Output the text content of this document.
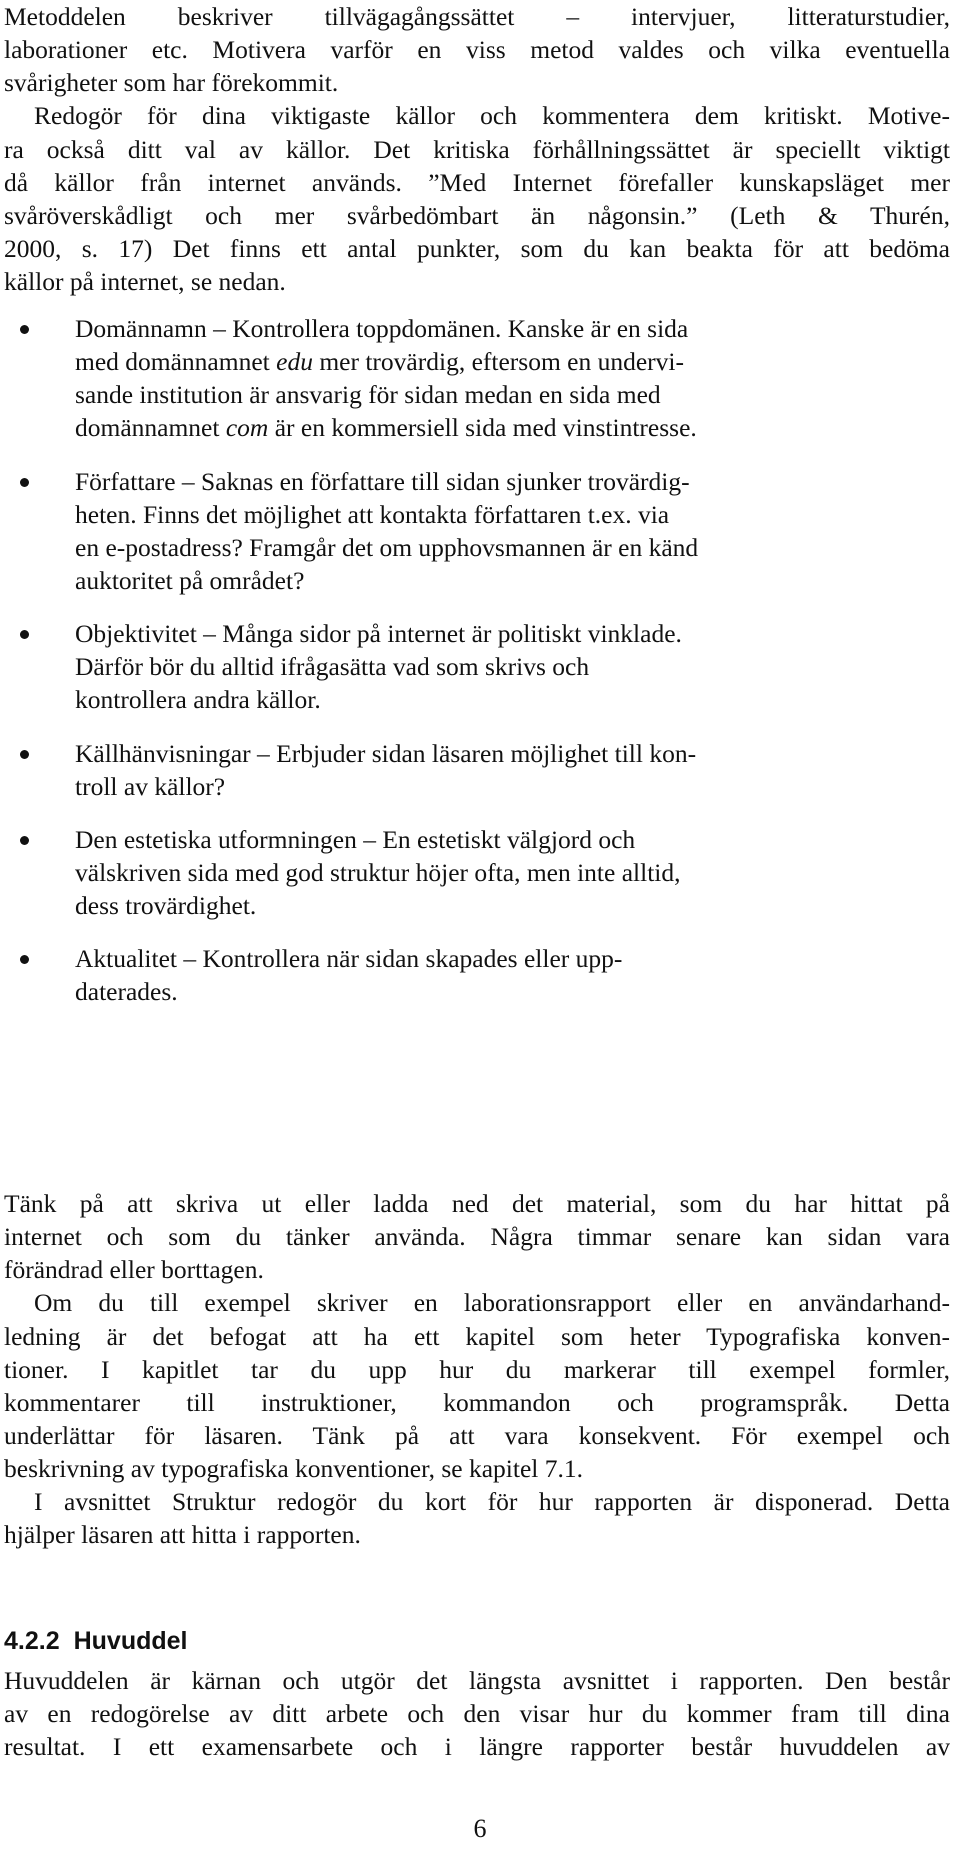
Metoddelen beskriver tillvägagångssättet – intervjuer, litteraturstudier,
laborationer etc. Motivera varför en viss metod valdes och vilka eventuella
svårigheter som har förekommit.
Redogör för dina viktigaste källor och kommentera dem kritiskt. Motive-
ra också ditt val av källor. Det kritiska förhållningssättet är speciellt viktigt
då källor från internet används. ”Med Internet förefaller kunskapsläget mer
svåröverskådligt och mer svårbedömbart än någonsin.” (Leth & Thurén,
2000, s. 17) Det finns ett antal punkter, som du kan beakta för att bedöma
källor på internet, se nedan.
Domännamn – Kontrollera toppdomänen. Kanske är en sida
med domännamnet edu mer trovärdig, eftersom en undervi-
sande institution är ansvarig för sidan medan en sida med
domännamnet com är en kommersiell sida med vinstintresse.
Författare – Saknas en författare till sidan sjunker trovärdig-
heten. Finns det möjlighet att kontakta författaren t.ex. via
en e-postadress? Framgår det om upphovsmannen är en känd
auktoritet på området?
Objektivitet – Många sidor på internet är politiskt vinklade.
Därför bör du alltid ifrågasätta vad som skrivs och
kontrollera andra källor.
Källhänvisningar – Erbjuder sidan läsaren möjlighet till kon-
troll av källor?
Den estetiska utformningen – En estetiskt välgjord och
välskriven sida med god struktur höjer ofta, men inte alltid,
dess trovärdighet.
Aktualitet – Kontrollera när sidan skapades eller upp-
daterades.
Tänk på att skriva ut eller ladda ned det material, som du har hittat på
internet och som du tänker använda. Några timmar senare kan sidan vara
förändrad eller borttagen.
Om du till exempel skriver en laborationsrapport eller en användarhand-
ledning är det befogat att ha ett kapitel som heter Typografiska konven-
tioner. I kapitlet tar du upp hur du markerar till exempel formler,
kommentarer till instruktioner, kommandon och programspråk. Detta
underlättar för läsaren. Tänk på att vara konsekvent. För exempel och
beskrivning av typografiska konventioner, se kapitel 7.1.
I avsnittet Struktur redogör du kort för hur rapporten är disponerad. Detta
hjälper läsaren att hitta i rapporten.
4.2.2 Huvuddel
Huvuddelen är kärnan och utgör det längsta avsnittet i rapporten. Den består
av en redogörelse av ditt arbete och den visar hur du kommer fram till dina
resultat. I ett examensarbete och i längre rapporter består huvuddelen av
6
